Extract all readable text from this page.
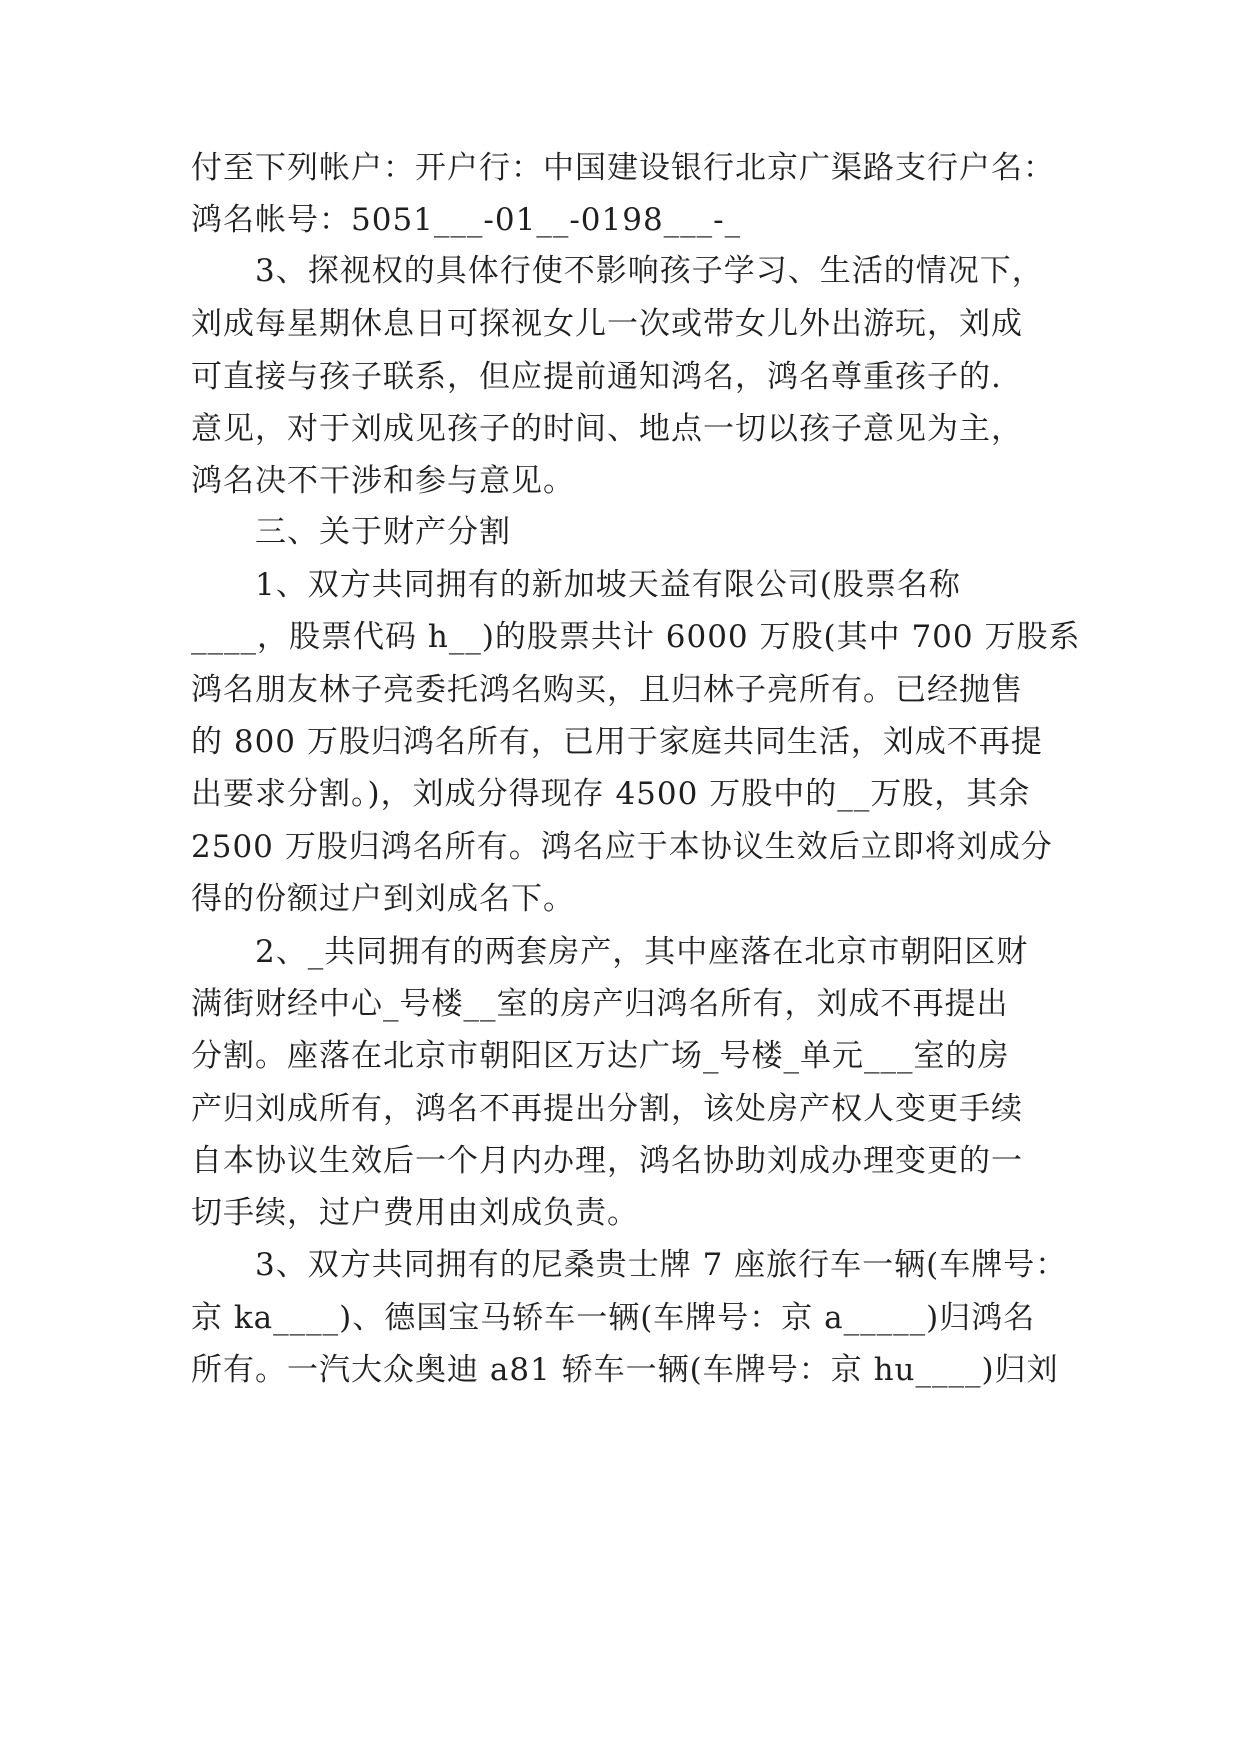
付至下列帐户：开户行：中国建设银行北京广渠路支行户名：
鸿名帐号：5051___-01__-0198___-_
3、探视权的具体行使不影响孩子学习、生活的情况下，
刘成每星期休息日可探视女儿一次或带女儿外出游玩，刘成
可直接与孩子联系，但应提前通知鸿名，鸿名尊重孩子的.
意见，对于刘成见孩子的时间、地点一切以孩子意见为主，
鸿名决不干涉和参与意见。
三、关于财产分割
1、双方共同拥有的新加坡天益有限公司(股票名称
____，股票代码 h__)的股票共计 6000 万股(其中 700 万股系
鸿名朋友林子亮委托鸿名购买，且归林子亮所有。已经抛售
的 800 万股归鸿名所有，已用于家庭共同生活，刘成不再提
出要求分割。)，刘成分得现存 4500 万股中的__万股，其余
2500 万股归鸿名所有。鸿名应于本协议生效后立即将刘成分
得的份额过户到刘成名下。
2、_共同拥有的两套房产，其中座落在北京市朝阳区财
满街财经中心_号楼__室的房产归鸿名所有，刘成不再提出
分割。座落在北京市朝阳区万达广场_号楼_单元___室的房
产归刘成所有，鸿名不再提出分割，该处房产权人变更手续
自本协议生效后一个月内办理，鸿名协助刘成办理变更的一
切手续，过户费用由刘成负责。
3、双方共同拥有的尼桑贵士牌 7 座旅行车一辆(车牌号：
京 ka____)、德国宝马轿车一辆(车牌号：京 a_____)归鸿名
所有。一汽大众奥迪 a81 轿车一辆(车牌号：京 hu____)归刘
